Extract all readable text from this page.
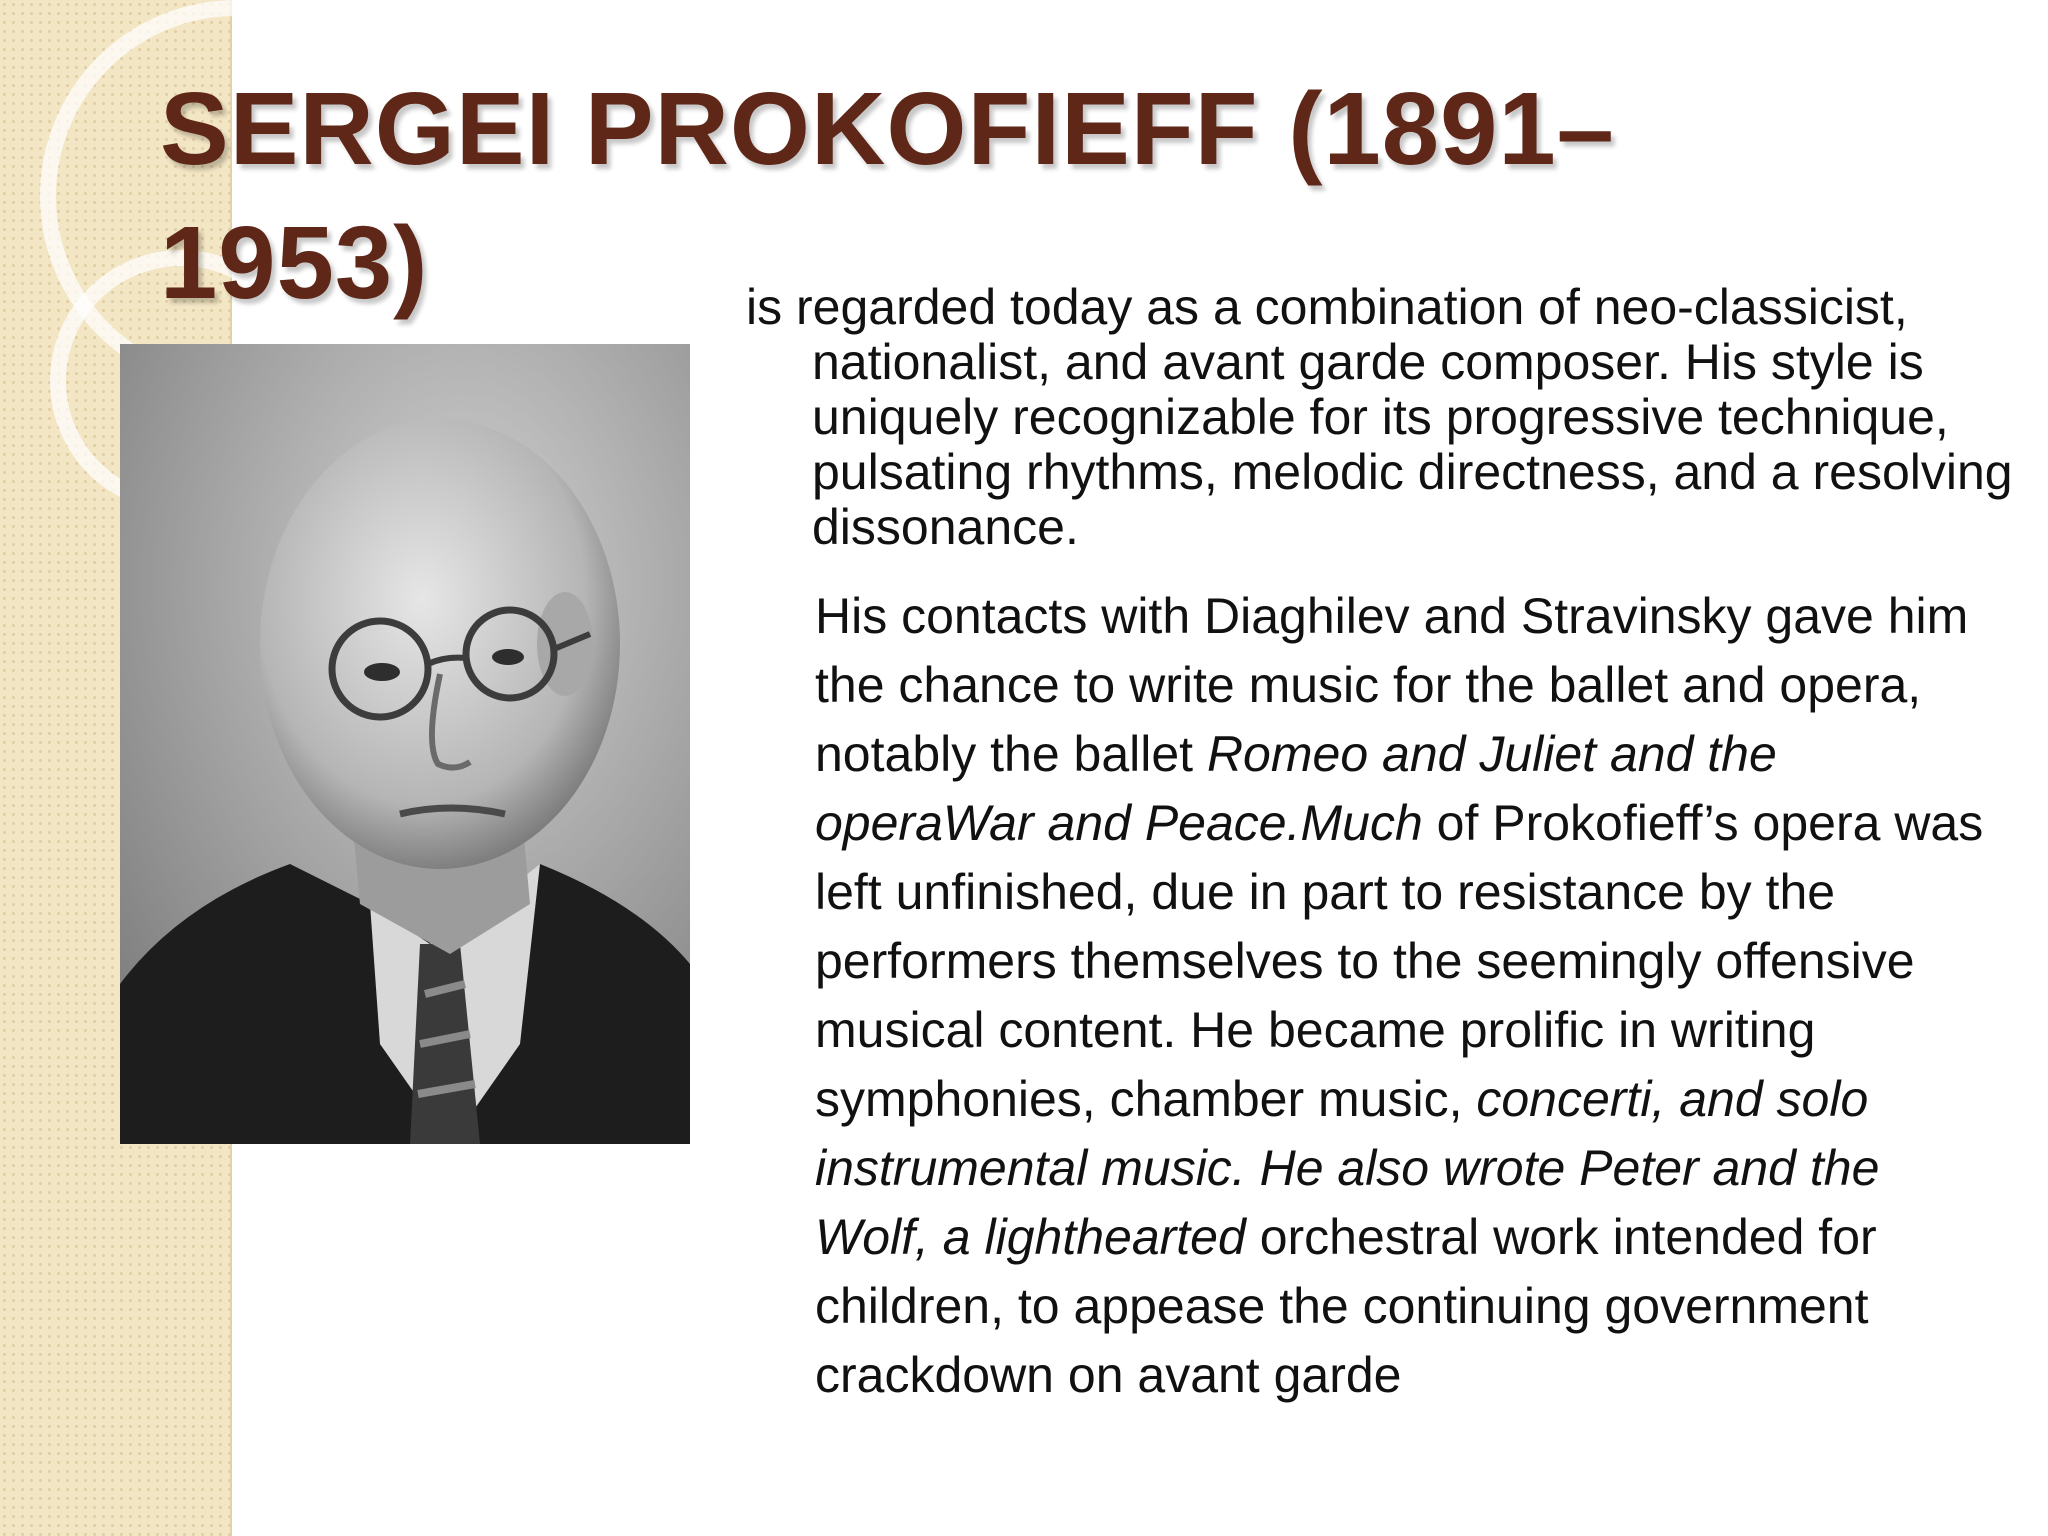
SERGEI PROKOFIEFF (1891–1953)	is regarded today as a combination of neo-classicist, nationalist, and avant garde composer. His style is uniquely recognizable for its progressive technique, pulsating rhythms, melodic directness, and a resolving dissonance.

His contacts with Diaghilev and Stravinsky gave him the chance to write music for the ballet and opera, notably the ballet Romeo and Juliet and the operaWar and Peace.Much of Prokofieff’s opera was left unfinished, due in part to resistance by the performers themselves to the seemingly offensive musical content. He became prolific in writing symphonies, chamber music, concerti, and solo instrumental music. He also wrote Peter and the Wolf, a lighthearted orchestral work intended for children, to appease the continuing government crackdown on avant garde
